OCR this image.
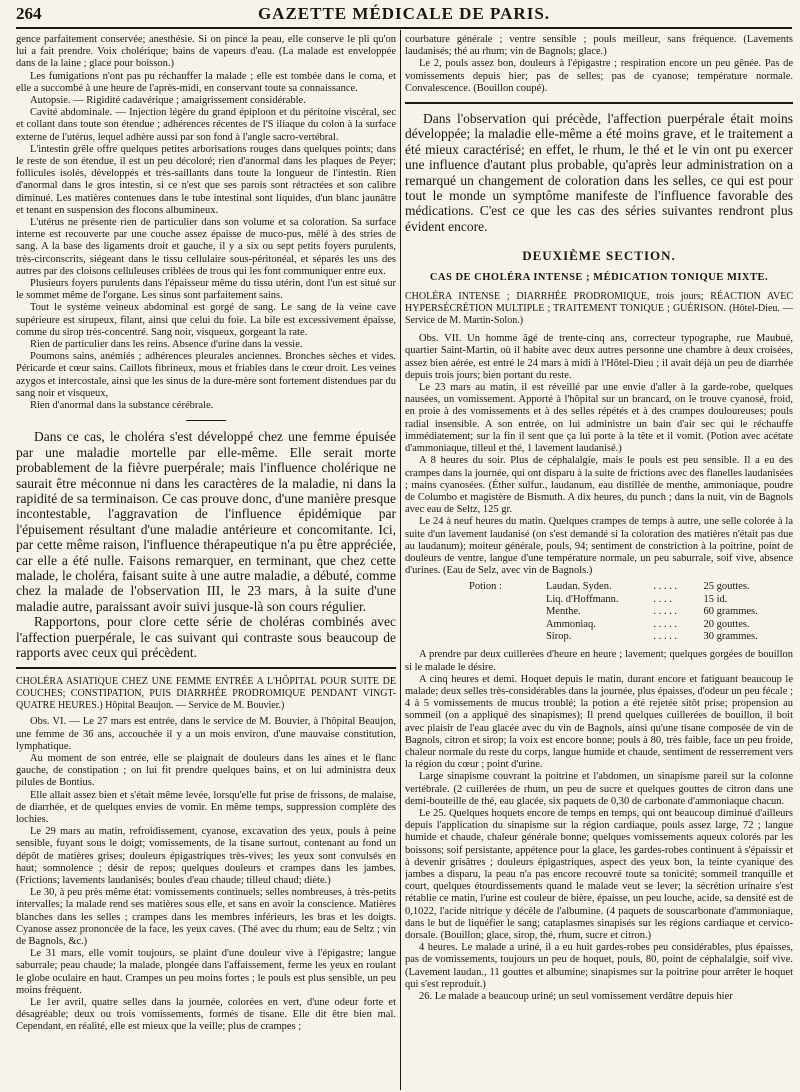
264	GAZETTE MÉDICALE DE PARIS.

gence parfaitement conservée; anesthésie. Si on pince la peau, elle conserve le pli qu'on lui a fait prendre. Voix cholérique; bains de vapeurs d'eau. (La malade est enveloppée dans de la laine ; glace pour boisson.)

Les fumigations n'ont pas pu réchauffer la malade ; elle est tombée dans le coma, et elle a succombé à une heure de l'après-midi, en conservant toute sa connaissance.

Autopsie. — Rigidité cadavérique ; amaigrissement considérable.

Cavité abdominale. — Injection légère du grand épiploon et du péritoine viscéral, sec et collant dans toute son étendue ; adhérences récentes de l'S iliaque du colon à la surface externe de l'utérus, lequel adhère aussi par son fond à l'angle sacro-vertébral.

L'intestin grêle offre quelques petites arborisations rouges dans quelques points; dans le reste de son étendue, il est un peu décoloré; rien d'anormal dans les plaques de Peyer; follicules isolés, développés et très-saillants dans toute la longueur de l'intestin. Rien d'anormal dans le gros intestin, si ce n'est que ses parois sont rétractées et son calibre diminué. Les matières contenues dans le tube intestinal sont liquides, d'un blanc jaunâtre et tenant en suspension des flocons albumineux.

L'utérus ne présente rien de particulier dans son volume et sa coloration. Sa surface interne est recouverte par une couche assez épaisse de muco-pus, mêlé à des stries de sang. A la base des ligaments droit et gauche, il y a six ou sept petits foyers purulents, très-circonscrits, siégeant dans le tissu cellulaire sous-péritonéal, et séparés les uns des autres par des cloisons celluleuses criblées de trous qui les font communiquer entre eux.

Plusieurs foyers purulents dans l'épaisseur même du tissu utérin, dont l'un est situé sur le sommet même de l'organe. Les sinus sont parfaitement sains.

Tout le système veineux abdominal est gorgé de sang. Le sang de la veine cave supérieure est sirupeux, filant, ainsi que celui du foie. La bile est excessivement épaisse, comme du sirop très-concentré. Sang noir, visqueux, gorgeant la rate.

Rien de particulier dans les reins. Absence d'urine dans la vessie.

Poumons sains, anémiés ; adhérences pleurales anciennes. Bronches sèches et vides. Péricarde et cœur sains. Caillots fibrineux, mous et friables dans le cœur droit. Les veines azygos et intercostale, ainsi que les sinus de la dure-mère sont fortement distendues par du sang noir et visqueux,

Rien d'anormal dans la substance cérébrale.

Dans ce cas, le choléra s'est développé chez une femme épuisée par une maladie mortelle par elle-même. Elle serait morte probablement de la fièvre puerpérale; mais l'influence cholérique ne saurait être méconnue ni dans les caractères de la maladie, ni dans la rapidité de sa terminaison. Ce cas prouve donc, d'une manière presque incontestable, l'aggravation de l'influence épidémique par l'épuisement résultant d'une maladie antérieure et concomitante. Ici, par cette même raison, l'influence thérapeutique n'a pu être appréciée, car elle a été nulle. Faisons remarquer, en terminant, que chez cette malade, le choléra, faisant suite à une autre maladie, a débuté, comme chez la malade de l'observation III, le 23 mars, à la suite d'une maladie autre, paraissant avoir suivi jusque-là son cours régulier.

Rapportons, pour clore cette série de choléras combinés avec l'affection puerpérale, le cas suivant qui contraste sous beaucoup de rapports avec ceux qui précèdent.

CHOLÉRA ASIATIQUE CHEZ UNE FEMME ENTRÉE A L'HÔPITAL POUR SUITE DE COUCHES; CONSTIPATION, PUIS DIARRHÉE PRODROMIQUE PENDANT VINGT-QUATRE HEURES.) Hôpital Beaujon. — Service de M. Bouvier.)

Obs. VI. — Le 27 mars est entrée, dans le service de M. Bouvier, à l'hôpital Beaujon, une femme de 36 ans, accouchée il y a un mois environ, d'une mauvaise constitution, lymphatique.

Au moment de son entrée, elle se plaignait de douleurs dans les aines et le flanc gauche, de constipation ; on lui fit prendre quelques bains, et on lui administra deux pilules de Bontius.

Elle allait assez bien et s'était même levée, lorsqu'elle fut prise de frissons, de malaise, de diarrhée, et de quelques envies de vomir. En même temps, suppression complète des lochies.

Le 29 mars au matin, refroidissement, cyanose, excavation des yeux, pouls à peine sensible, fuyant sous le doigt; vomissements, de la tisane surtout, contenant au fond un dépôt de matières grises; douleurs épigastriques très-vives; les yeux sont convulsés en haut; somnolence ; désir de repos; quelques douleurs et crampes dans les jambes. (Frictions; lavements laudanisés; boules d'eau chaude; tilleul chaud; diète.)

Le 30, à peu près même état: vomissements continuels; selles nombreuses, à très-petits intervalles; la malade rend ses matières sous elle, et sans en avoir la conscience. Matières blanches dans les selles ; crampes dans les membres inférieurs, les bras et les doigts. Cyanose assez prononcée de la face, les yeux caves. (Thé avec du rhum; eau de Seltz ; vin de Bagnols, &c.)

Le 31 mars, elle vomit toujours, se plaint d'une douleur vive à l'épigastre; langue saburrale; peau chaude; la malade, plongée dans l'affaissement, ferme les yeux en roulant le globe oculaire en haut. Crampes un peu moins fortes ; le pouls est plus sensible, un peu moins fréquent.

Le 1er avril, quatre selles dans la journée, colorées en vert, d'une odeur forte et désagréable; deux ou trois vomissements, formés de tisane. Elle dit être bien mal. Cependant, en réalité, elle est mieux que la veille; plus de crampes ;

courbature générale ; ventre sensible ; pouls meilleur, sans fréquence. (Lavements laudanisés; thé au rhum; vin de Bagnols; glace.)

Le 2, pouls assez bon, douleurs à l'épigastre ; respiration encore un peu gênée. Pas de vomissements depuis hier; pas de selles; pas de cyanose; température normale. Convalescence. (Bouillon coupé).

Dans l'observation qui précède, l'affection puerpérale était moins développée; la maladie elle-même a été moins grave, et le traitement a été mieux caractérisé; en effet, le rhum, le thé et le vin ont pu exercer une influence d'autant plus probable, qu'après leur administration on a remarqué un changement de coloration dans les selles, ce qui est pour tout le monde un symptôme manifeste de l'influence favorable des médications. C'est ce que les cas des séries suivantes rendront plus évident encore.

DEUXIÈME SECTION.
CAS DE CHOLÉRA INTENSE ; MÉDICATION TONIQUE MIXTE.

CHOLÉRA INTENSE ; DIARRHÉE PRODROMIQUE, trois jours; RÉACTION AVEC HYPERSÉCRÉTION MULTIPLE ; TRAITEMENT TONIQUE ; GUÉRISON. (Hôtel-Dieu. — Service de M. Martin-Solon.)

Obs. VII. Un homme âgé de trente-cinq ans, correcteur typographe, rue Maubué, quartier Saint-Martin, où il habite avec deux autres personne une chambre à deux croisées, assez bien aérée, est entré le 24 mars à midi à l'Hôtel-Dieu ; il avait déjà un peu de diarrhée depuis trois jours; bien portant du reste.

Le 23 mars au matin, il est réveillé par une envie d'aller à la garde-robe, quelques nausées, un vomissement. Apporté à l'hôpital sur un brancard, on le trouve cyanosé, froid, en proie à des vomissements et à des selles répétés et à des crampes douloureuses; pouls radial insensible. A son entrée, on lui administre un bain d'air sec qui le réchauffe immédiatement; sur la fin il sent que ça lui porte à la tête et il vomit. (Potion avec acétate d'ammoniaque, tilleul et thé, 1 lavement laudanisé.)

A 8 heures du soir. Plus de céphalalgie, mais le pouls est peu sensible. Il a eu des crampes dans la journée, qui ont disparu à la suite de frictions avec des flanelles laudanisées ; mains cyanosées. (Éther sulfur., laudanum, eau distillée de menthe, ammoniaque, poudre de Columbo et magistère de Bismuth. A dix heures, du punch ; dans la nuit, vin de Bagnols avec eau de Seltz, 125 gr.

Le 24 à neuf heures du matin. Quelques crampes de temps à autre, une selle colorée à la suite d'un lavement laudanisé (on s'est demandé si la coloration des matières n'était pas due au laudanum); moiteur générale, pouls, 94; sentiment de constriction à la poitrine, point de douleurs de ventre, langue d'une température normale, un peu saburrale, soif vive, absence d'urines. (Eau de Selz, avec vin de Bagnols.)

Potion :	Laudan. Syden.	. . . . .	25 gouttes.
Liq. d'Hoffmann.	. . . .	15 id.
Menthe.	. . . . .	60 grammes.
Ammoniaq.	. . . . .	20 gouttes.
Sirop.	. . . . .	30 grammes.

A prendre par deux cuillerées d'heure en heure ; lavement; quelques gorgées de bouillon si le malade le désire.

A cinq heures et demi. Hoquet depuis le matin, durant encore et fatiguant beaucoup le malade; deux selles très-considérables dans la journée, plus épaisses, d'odeur un peu fécale ; 4 à 5 vomissements de mucus troublé; la potion a été rejetée sitôt prise; propension au sommeil (on a appliqué des sinapismes); Il prend quelques cuillerées de bouillon, il boit avec plaisir de l'eau glacée avec du vin de Bagnols, ainsi qu'une tisane composée de vin de Bagnols, citron et sirop; la voix est encore bonne; pouls à 80, très faible, face un peu froide, chaleur normale du reste du corps, langue humide et chaude, sentiment de resserrement vers la région du cœur ; point d'urine.

Large sinapisme couvrant la poitrine et l'abdomen, un sinapisme pareil sur la colonne vertébrale. (2 cuillerées de rhum, un peu de sucre et quelques gouttes de citron dans une demi-bouteille de thé, eau glacée, six paquets de 0,30 de carbonate d'ammoniaque chacun.

Le 25. Quelques hoquets encore de temps en temps, qui ont beaucoup diminué d'ailleurs depuis l'application du sinapisme sur la région cardiaque, pouls assez large, 72 ; langue humide et chaude, chaleur générale bonne; quelques vomissements aqueux colorés par les boissons; soif persistante, appétence pour la glace, les gardes-robes continuent à s'épaissir et à devenir grisâtres ; douleurs épigastriques, aspect des yeux bon, la teinte cyanique des jambes a disparu, la peau n'a pas encore recouvré toute sa tonicité; sommeil tranquille et court, quelques étourdissements quand le malade veut se lever; la sécrétion urinaire s'est rétablie ce matin, l'urine est couleur de bière, épaisse, un peu louche, acide, sa densité est de 0,1022, l'acide nitrique y décèle de l'albumine. (4 paquets de souscarbonate d'ammoniaque, dans le but de liquéfier le sang; cataplasmes sinapisés sur les régions cardiaque et cervico-dorsale. (Bouillon; glace, sirop, thé, rhum, sucre et citron.)

4 heures. Le malade a uriné, il a eu huit gardes-robes peu considérables, plus épaisses, pas de vomissements, toujours un peu de hoquet, pouls, 80, point de céphalalgie, soif vive. (Lavement laudan., 11 gouttes et albumine; sinapismes sur la poitrine pour arrêter le hoquet qui s'est reproduit.)

26. Le malade a beaucoup uriné; un seul vomissement verdâtre depuis hier
